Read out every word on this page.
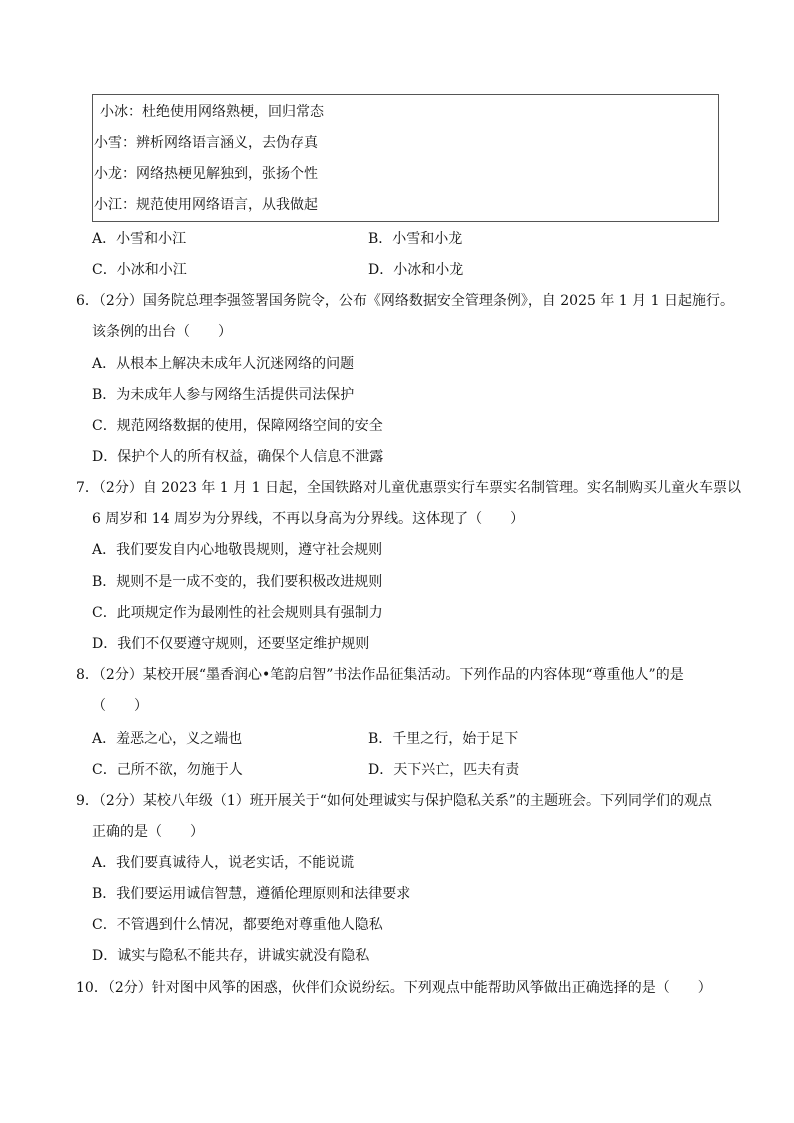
小冰：杜绝使用网络熟梗，回归常态
小雪：辨析网络语言涵义，去伪存真
小龙：网络热梗见解独到，张扬个性
小江：规范使用网络语言，从我做起
A．小雪和小江	B．小雪和小龙
C．小冰和小江	D．小冰和小龙
6．（2分）国务院总理李强签署国务院令，公布《网络数据安全管理条例》，自 2025 年 1 月 1 日起施行。
该条例的出台（　　）
A．从根本上解决未成年人沉迷网络的问题
B．为未成年人参与网络生活提供司法保护
C．规范网络数据的使用，保障网络空间的安全
D．保护个人的所有权益，确保个人信息不泄露
7．（2分）自 2023 年 1 月 1 日起，全国铁路对儿童优惠票实行车票实名制管理。实名制购买儿童火车票以
6 周岁和 14 周岁为分界线，不再以身高为分界线。这体现了（　　）
A．我们要发自内心地敬畏规则，遵守社会规则
B．规则不是一成不变的，我们要积极改进规则
C．此项规定作为最刚性的社会规则具有强制力
D．我们不仅要遵守规则，还要坚定维护规则
8．（2分）某校开展“墨香润心•笔韵启智”书法作品征集活动。下列作品的内容体现“尊重他人”的是
（　　）
A．羞恶之心，义之端也	B．千里之行，始于足下
C．己所不欲，勿施于人	D．天下兴亡，匹夫有责
9．（2分）某校八年级（1）班开展关于“如何处理诚实与保护隐私关系”的主题班会。下列同学们的观点
正确的是（　　）
A．我们要真诚待人，说老实话，不能说谎
B．我们要运用诚信智慧，遵循伦理原则和法律要求
C．不管遇到什么情况，都要绝对尊重他人隐私
D．诚实与隐私不能共存，讲诚实就没有隐私
10．（2分）针对图中风筝的困惑，伙伴们众说纷纭。下列观点中能帮助风筝做出正确选择的是（　　）
